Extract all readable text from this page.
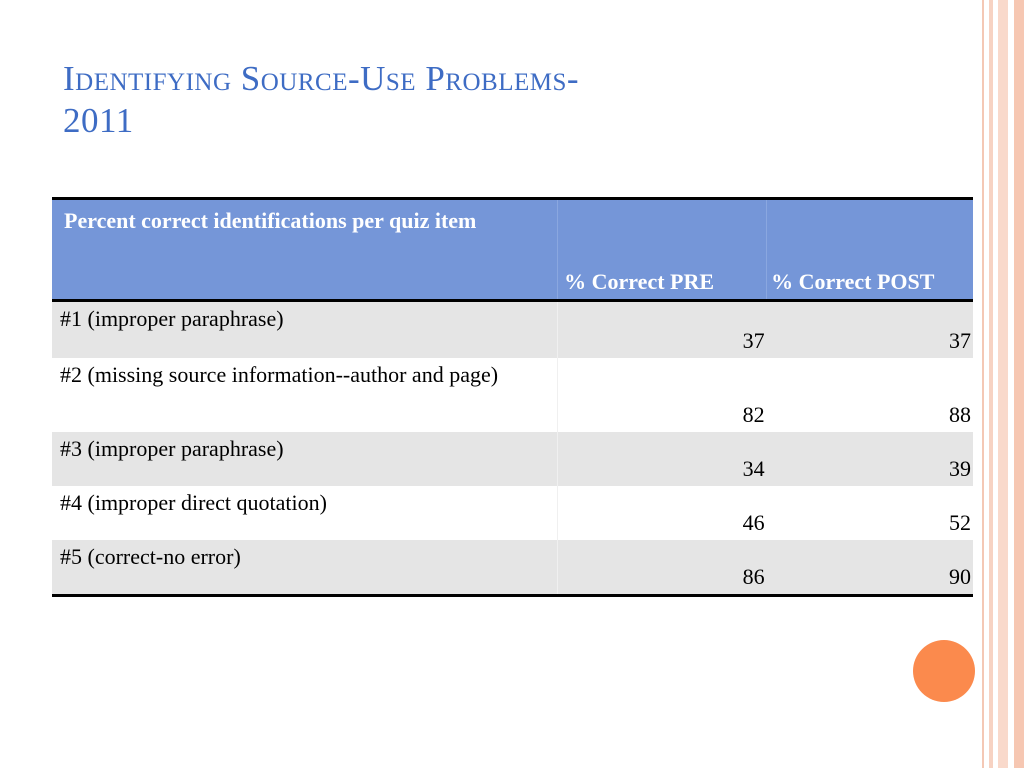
Identifying Source-Use Problems-
2011
Percent correct identifications per quiz item	% Correct PRE	% Correct POST
#1 (improper paraphrase)	37	37
#2 (missing source information--author and page)	82	88
#3 (improper paraphrase)	34	39
#4 (improper direct quotation)	46	52
#5 (correct-no error)	86	90
